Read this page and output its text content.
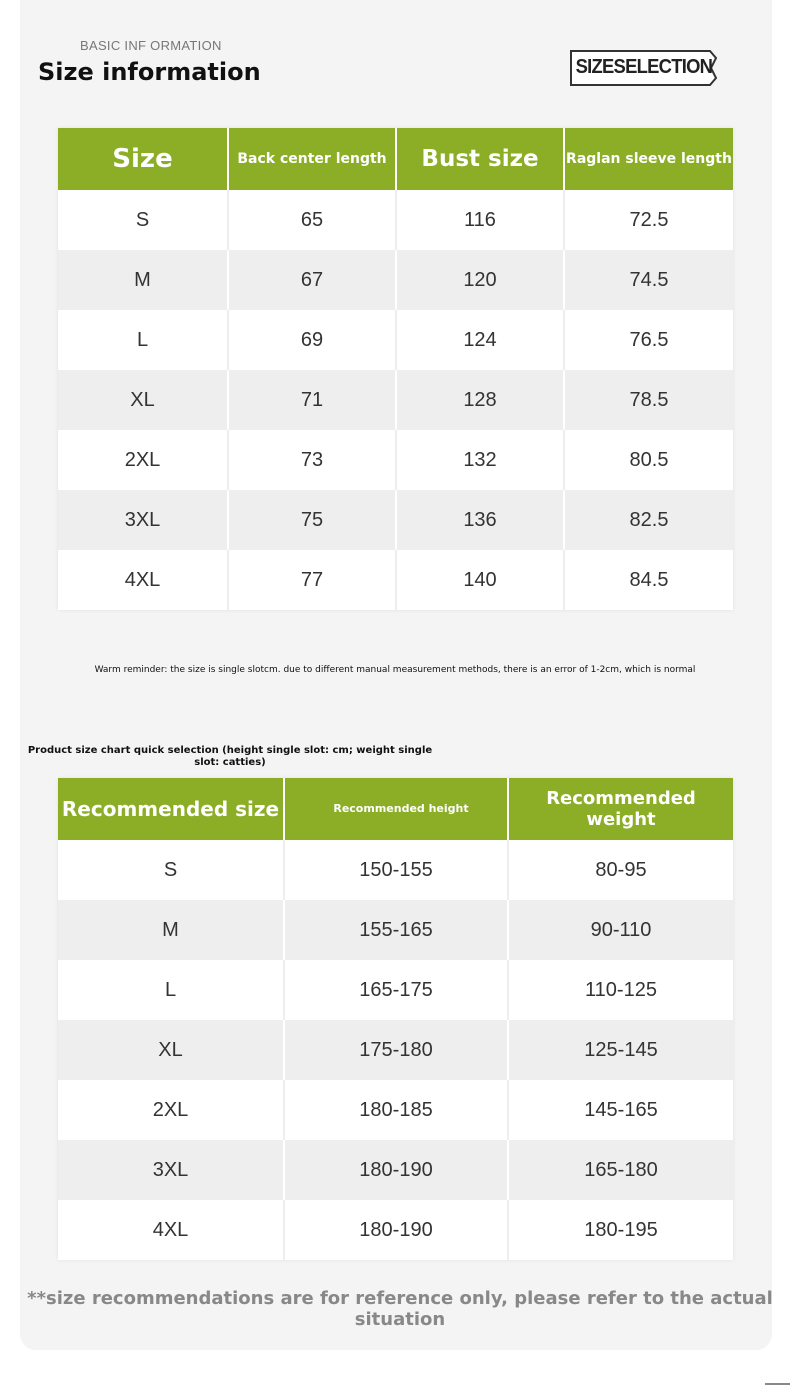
BASIC INF ORMATION
Size information	SIZESELECTION
Size	Back center length	Bust size	Raglan sleeve length
S	65	116	72.5
M	67	120	74.5
L	69	124	76.5
XL	71	128	78.5
2XL	73	132	80.5
3XL	75	136	82.5
4XL	77	140	84.5
Warm reminder: the size is single slotcm. due to different manual measurement methods, there is an error of 1-2cm, which is normal
Product size chart quick selection (height single slot: cm; weight single slot: catties)
Recommended size	Recommended height	Recommended weight
S	150-155	80-95
M	155-165	90-110
L	165-175	110-125
XL	175-180	125-145
2XL	180-185	145-165
3XL	180-190	165-180
4XL	180-190	180-195
**size recommendations are for reference only, please refer to the actual situation
